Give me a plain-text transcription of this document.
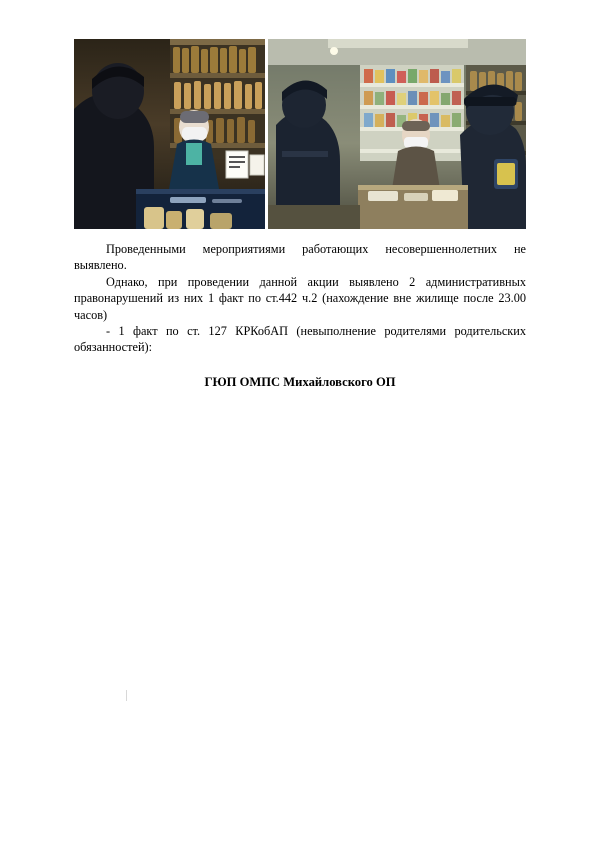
Проведенными мероприятиями работающих несовершеннолетних не выявлено.

Однако, при проведении данной акции выявлено 2 административных правонарушений из них 1 факт по ст.442 ч.2 (нахождение вне жилище после 23.00 часов)

- 1 факт по ст. 127 КРКобАП (невыполнение родителями родительских обязанностей):

ГЮП ОМПС Михайловского ОП
